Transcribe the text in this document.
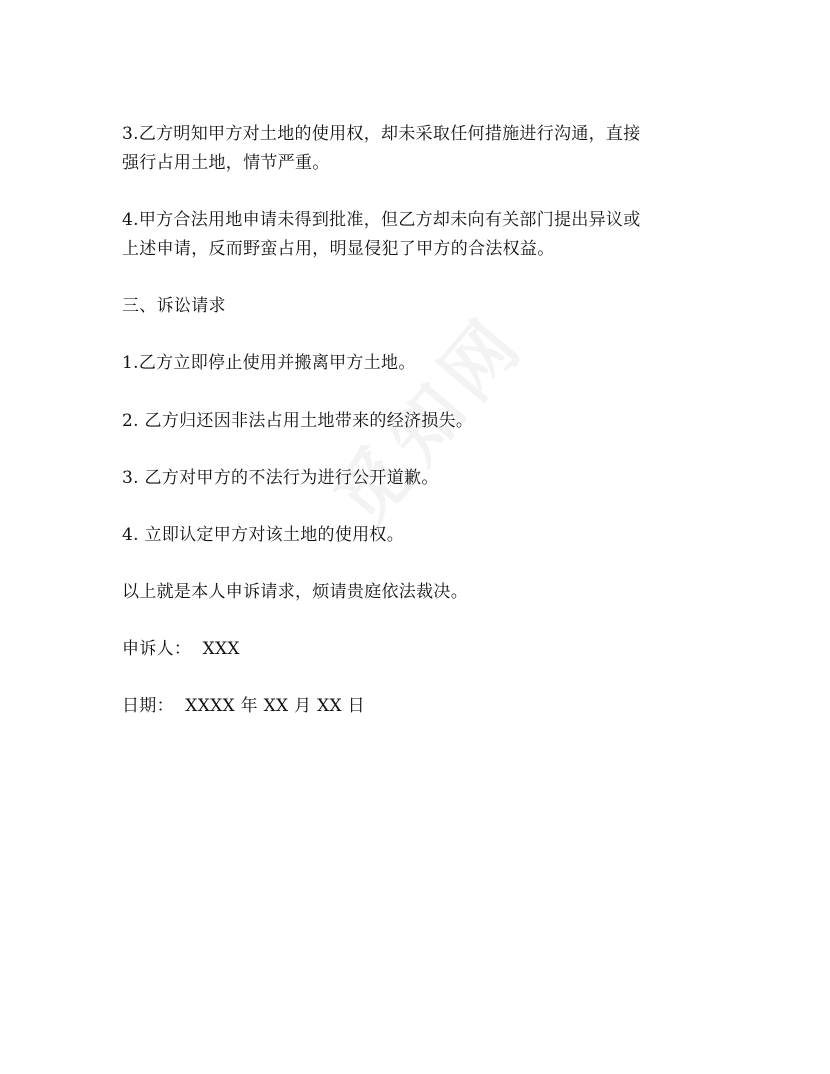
3.乙方明知甲方对土地的使用权，却未采取任何措施进行沟通，直接
强行占用土地，情节严重。

4.甲方合法用地申请未得到批准，但乙方却未向有关部门提出异议或
上述申请，反而野蛮占用，明显侵犯了甲方的合法权益。

三、诉讼请求

1.乙方立即停止使用并搬离甲方土地。

2. 乙方归还因非法占用土地带来的经济损失。

3. 乙方对甲方的不法行为进行公开道歉。

4. 立即认定甲方对该土地的使用权。

以上就是本人申诉请求，烦请贵庭依法裁决。

申诉人：  XXX

日期：  XXXX 年 XX 月 XX 日
